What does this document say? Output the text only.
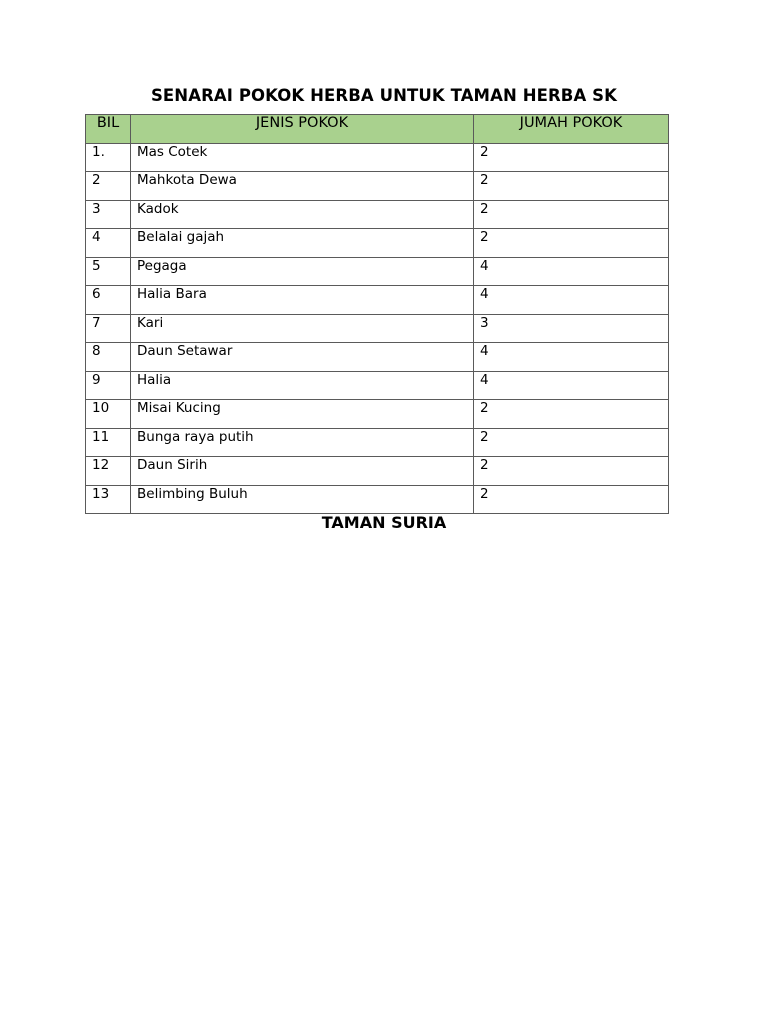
SENARAI POKOK HERBA UNTUK TAMAN HERBA SK
BIL	JENIS POKOK	JUMAH POKOK
1.	Mas Cotek	2
2	Mahkota Dewa	2
3	Kadok	2
4	Belalai gajah	2
5	Pegaga	4
6	Halia Bara	4
7	Kari	3
8	Daun Setawar	4
9	Halia	4
10	Misai Kucing	2
11	Bunga raya putih	2
12	Daun Sirih	2
13	Belimbing Buluh	2
TAMAN SURIA
